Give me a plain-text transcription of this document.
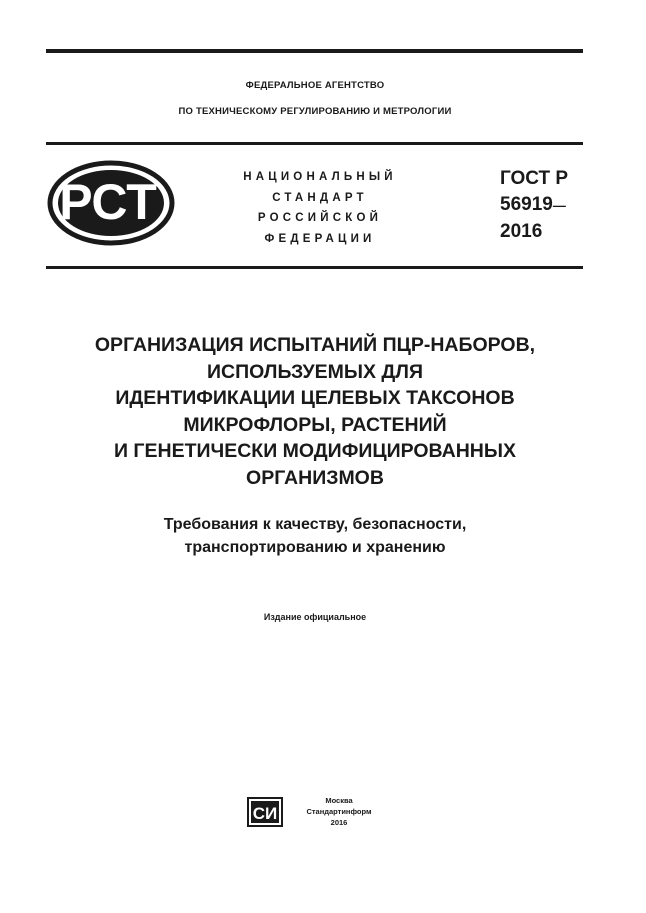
ФЕДЕРАЛЬНОЕ АГЕНТСТВО
ПО ТЕХНИЧЕСКОМУ РЕГУЛИРОВАНИЮ И МЕТРОЛОГИИ
РСТ	НАЦИОНАЛЬНЫЙ
СТАНДАРТ
РОССИЙСКОЙ
ФЕДЕРАЦИИ
ГОСТ Р
56919—
2016
ОРГАНИЗАЦИЯ ИСПЫТАНИЙ ПЦР-НАБОРОВ,
ИСПОЛЬЗУЕМЫХ ДЛЯ
ИДЕНТИФИКАЦИИ ЦЕЛЕВЫХ ТАКСОНОВ
МИКРОФЛОРЫ, РАСТЕНИЙ
И ГЕНЕТИЧЕСКИ МОДИФИЦИРОВАННЫХ
ОРГАНИЗМОВ
Требования к качеству, безопасности,
транспортированию и хранению
Издание официальное
СИ
Москва
Стандартинформ
2016
